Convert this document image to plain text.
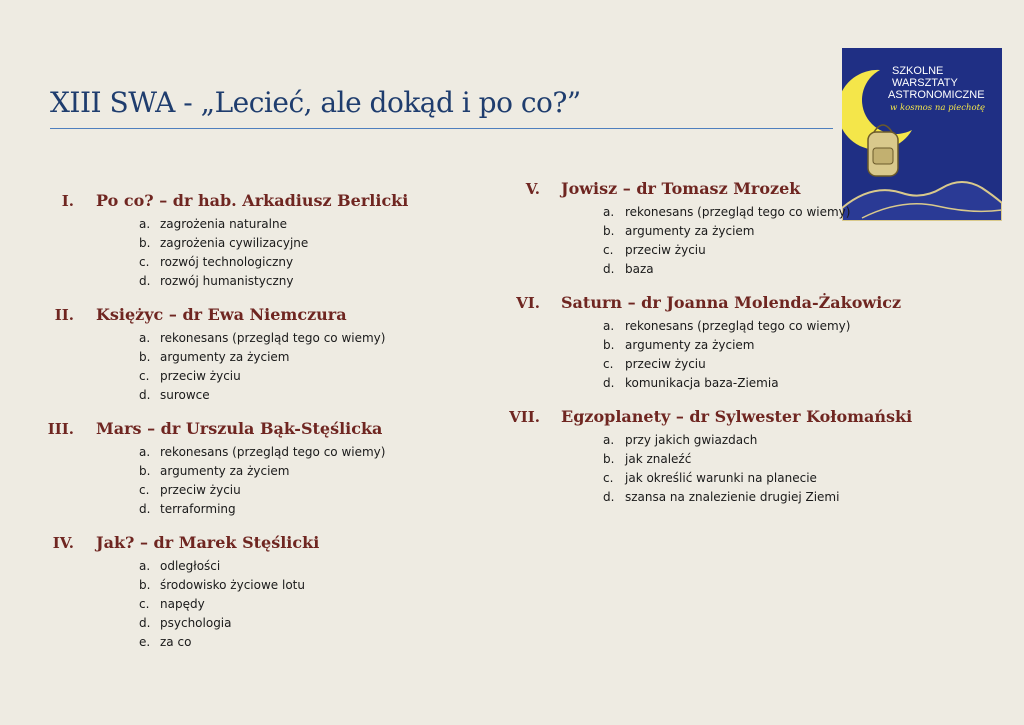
XIII SWA - „Lecieć, ale dokąd i po co?”
SZKOLNE
WARSZTATY
ASTRONOMICZNE
w kosmos na piechotę
I. Po co? – dr hab. Arkadiusz Berlicki
a. zagrożenia naturalne
b. zagrożenia cywilizacyjne
c. rozwój technologiczny
d. rozwój humanistyczny
II. Księżyc – dr Ewa Niemczura
a. rekonesans (przegląd tego co wiemy)
b. argumenty za życiem
c. przeciw życiu
d. surowce
III. Mars – dr Urszula Bąk-Stęślicka
a. rekonesans (przegląd tego co wiemy)
b. argumenty za życiem
c. przeciw życiu
d. terraforming
IV. Jak? – dr Marek Stęślicki
a. odległości
b. środowisko życiowe lotu
c. napędy
d. psychologia
e. za co
V. Jowisz – dr Tomasz Mrozek
a. rekonesans (przegląd tego co wiemy)
b. argumenty za życiem
c. przeciw życiu
d. baza
VI. Saturn – dr Joanna Molenda-Żakowicz
a. rekonesans (przegląd tego co wiemy)
b. argumenty za życiem
c. przeciw życiu
d. komunikacja baza-Ziemia
VII. Egzoplanety – dr Sylwester Kołomański
a. przy jakich gwiazdach
b. jak znaleźć
c. jak określić warunki na planecie
d. szansa na znalezienie drugiej Ziemi
